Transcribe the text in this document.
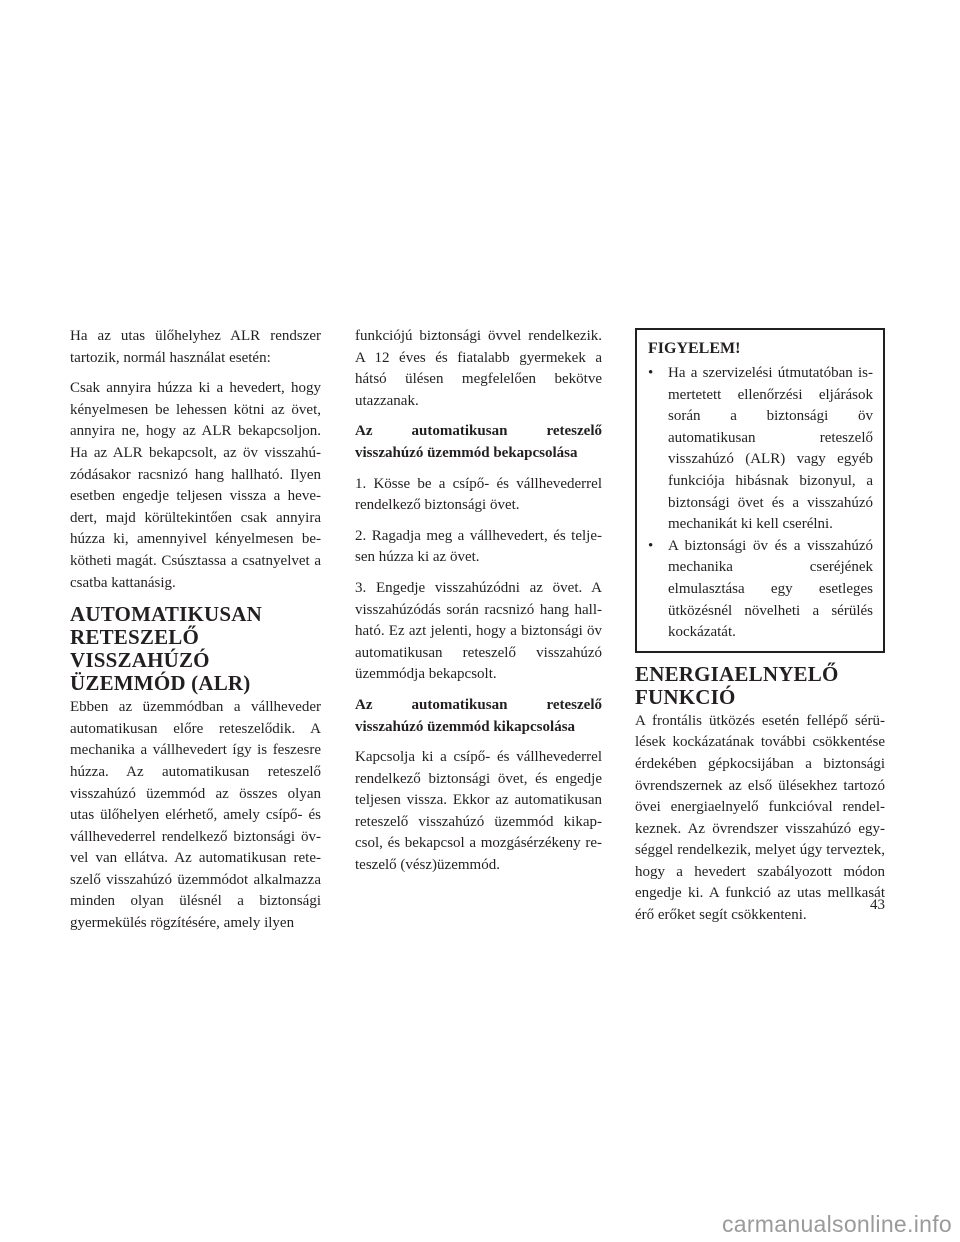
Ha az utas ülőhelyhez ALR rendszer tartozik, normál használat esetén:

Csak annyira húzza ki a hevedert, hogy kényelmesen be lehessen kötni az övet, annyira ne, hogy az ALR bekapcsoljon. Ha az ALR bekapcsolt, az öv visszahúzódásakor racsnizó hang hallható. Ilyen esetben engedje teljesen vissza a hevedert, majd körültekintően csak annyira húzza ki, amennyivel kényelmesen bekötheti magát. Csúsztassa a csatnyelvet a csatba kattanásig.

AUTOMATIKUSAN RETESZELŐ VISSZAHÚZÓ ÜZEMMÓD (ALR)

Ebben az üzemmódban a vállheveder automatikusan előre reteszelődik. A mechanika a vállhevedert így is feszesre húzza. Az automatikusan reteszelő visszahúzó üzemmód az összes olyan utas ülőhelyen elérhető, amely csípő- és vállhevederrel rendelkező biztonsági övvel van ellátva. Az automatikusan reteszelő visszahúzó üzemmódot alkalmazza minden olyan ülésnél a biztonsági gyermekülés rögzítésére, amely ilyen

funkciójú biztonsági övvel rendelkezik. A 12 éves és fiatalabb gyermekek a hátsó ülésen megfelelően bekötve utazzanak.

Az automatikusan reteszelő visszahúzó üzemmód bekapcsolása

1. Kösse be a csípő- és vállhevederrel rendelkező biztonsági övet.

2. Ragadja meg a vállhevedert, és teljesen húzza ki az övet.

3. Engedje visszahúzódni az övet. A visszahúzódás során racsnizó hang hallható. Ez azt jelenti, hogy a biztonsági öv automatikusan reteszelő visszahúzó üzemmódja bekapcsolt.

Az automatikusan reteszelő visszahúzó üzemmód kikapcsolása

Kapcsolja ki a csípő- és vállhevederrel rendelkező biztonsági övet, és engedje teljesen vissza. Ekkor az automatikusan reteszelő visszahúzó üzemmód kikapcsol, és bekapcsol a mozgásérzékeny reteszelő (vész)üzemmód.

FIGYELEM!
• Ha a szervizelési útmutatóban ismertetett ellenőrzési eljárások során a biztonsági öv automatikusan reteszelő visszahúzó (ALR) vagy egyéb funkciója hibásnak bizonyul, a biztonsági övet és a visszahúzó mechanikát ki kell cserélni.
• A biztonsági öv és a visszahúzó mechanika cseréjének elmulasztása egy esetleges ütközésnél növelheti a sérülés kockázatát.
ENERGIAELNYELŐ FUNKCIÓ

A frontális ütközés esetén fellépő sérülések kockázatának további csökkentése érdekében gépkocsijában a biztonsági övrendszernek az első ülésekhez tartozó övei energiaelnyelő funkcióval rendelkeznek. Az övrendszer visszahúzó egységgel rendelkezik, melyet úgy terveztek, hogy a hevedert szabályozott módon engedje ki. A funkció az utas mellkasát érő erőket segít csökkenteni.

43
carmanualsonline.info
